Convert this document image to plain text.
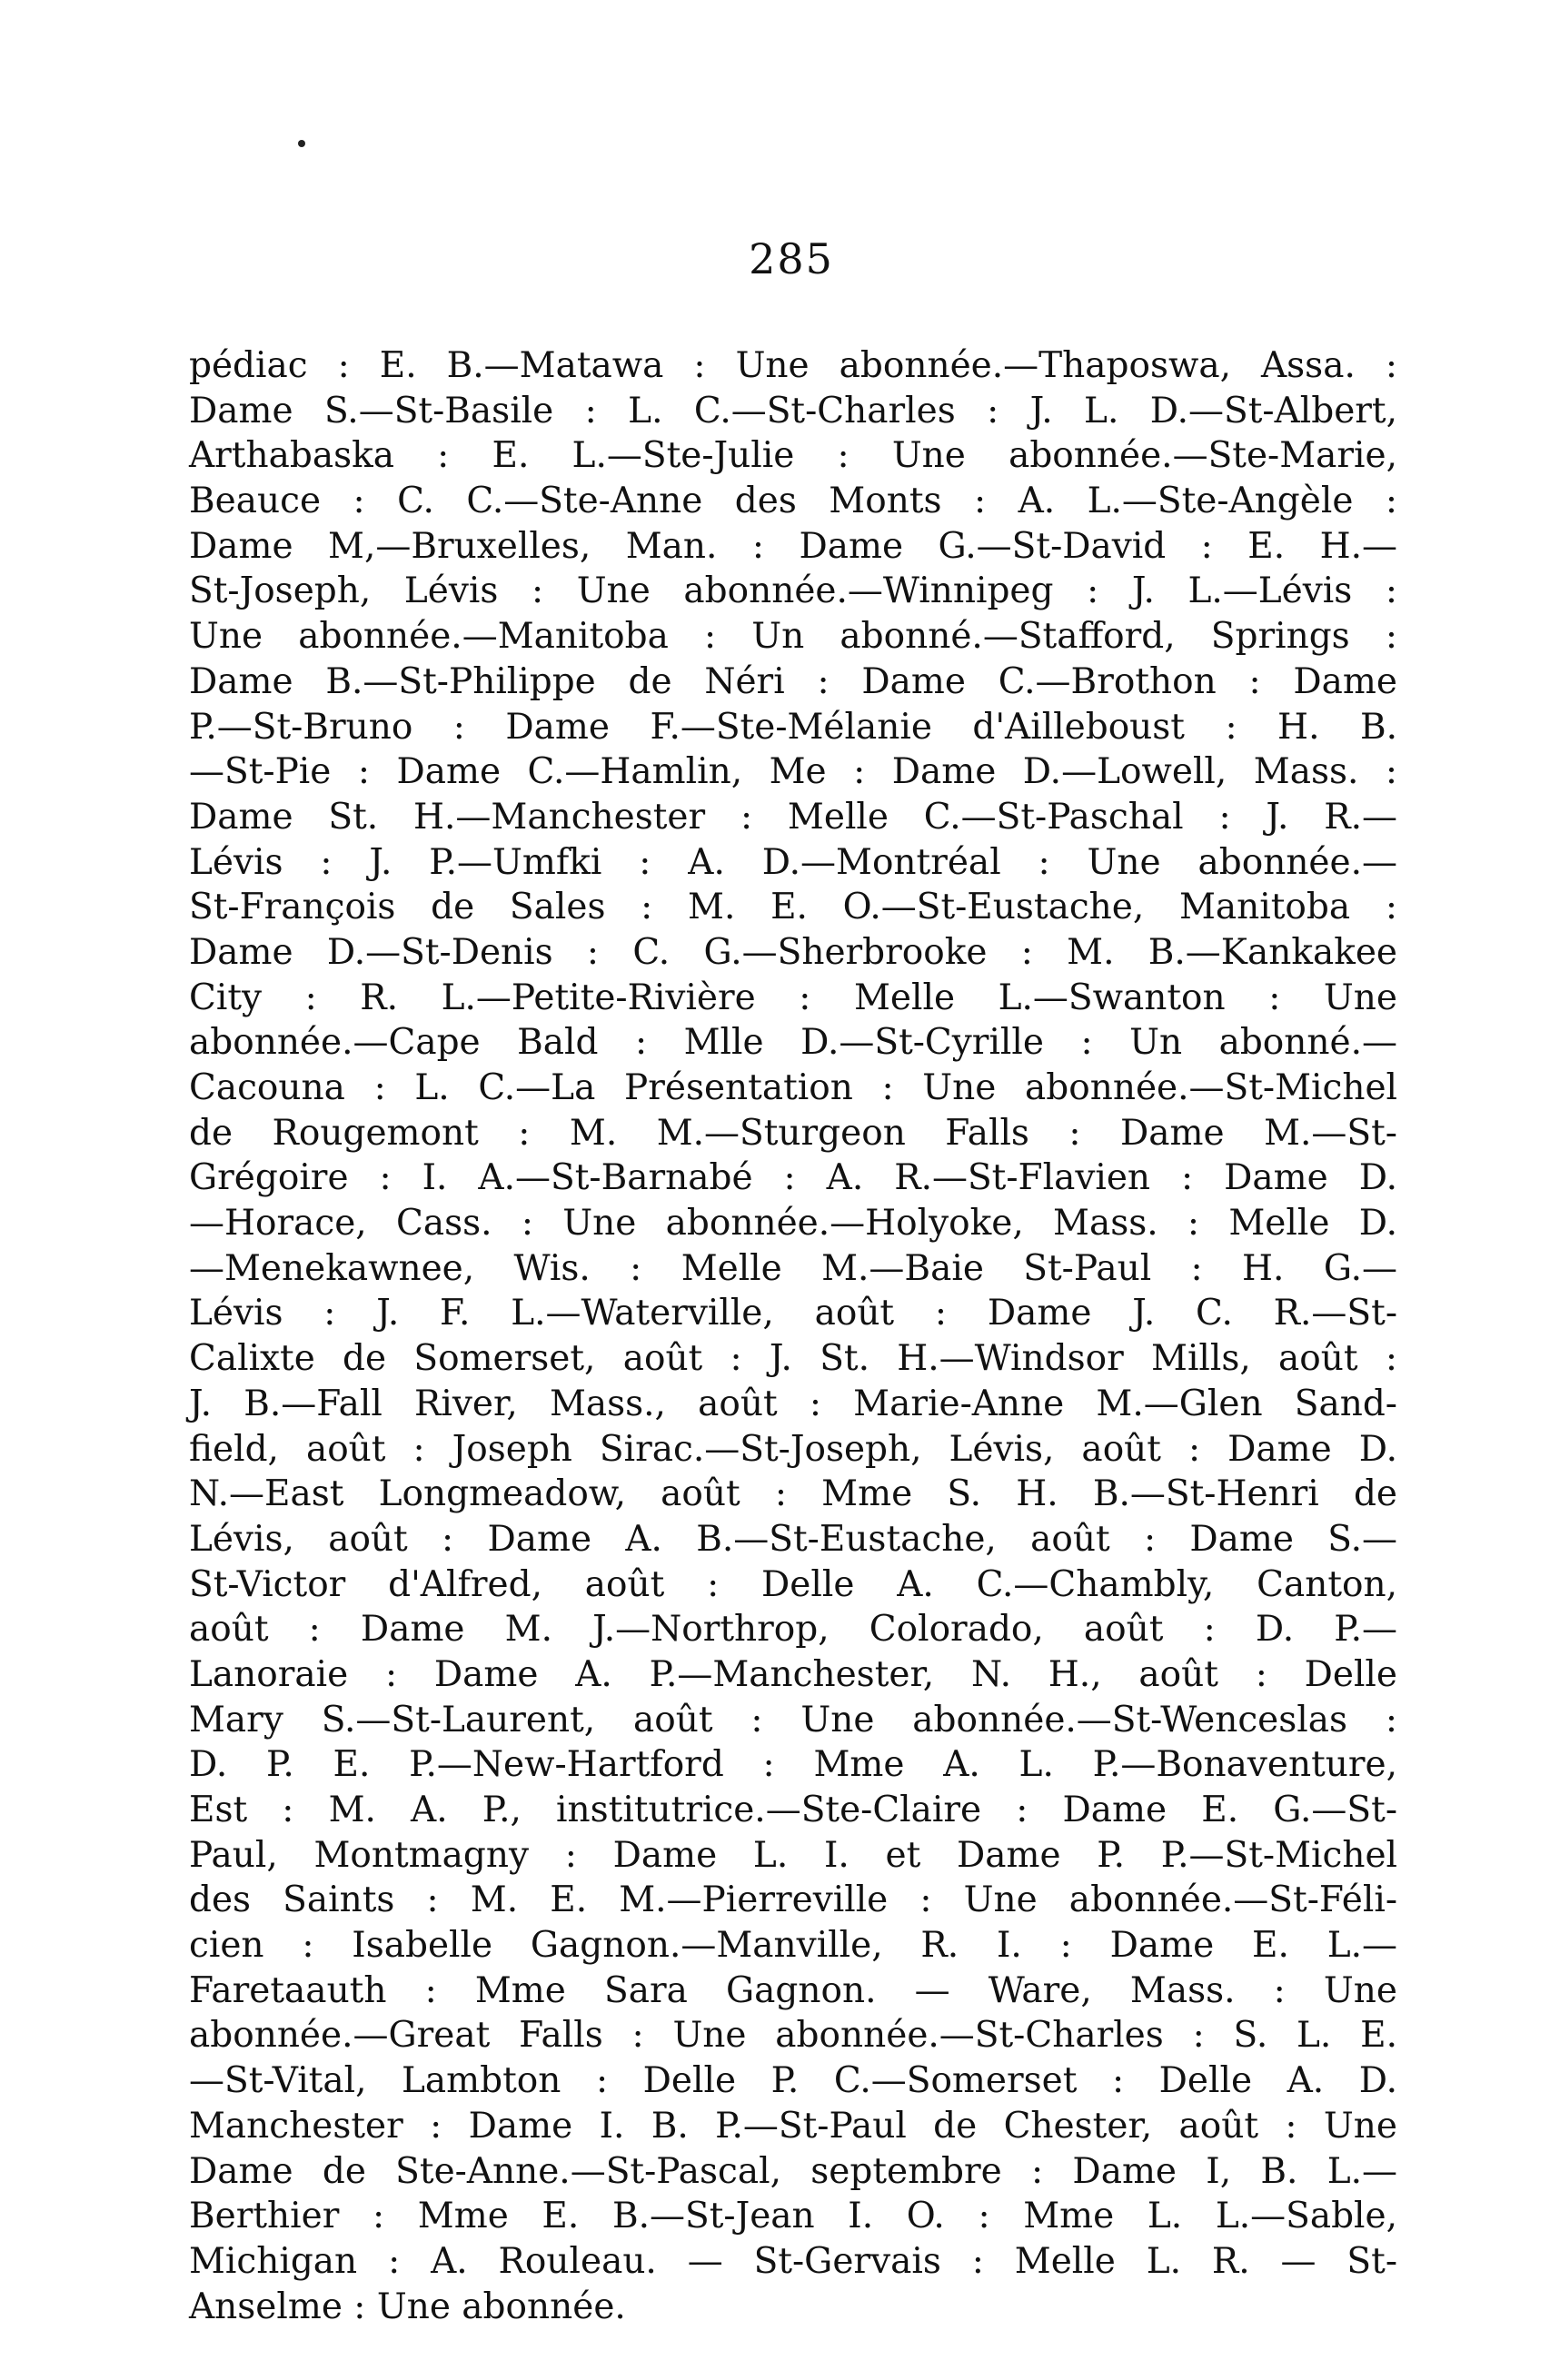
285
pédiac : E. B.—Matawa : Une abonnée.—Thaposwa, Assa. :
Dame S.—St-Basile : L. C.—St-Charles : J. L. D.—St-Albert,
Arthabaska : E. L.—Ste-Julie : Une abonnée.—Ste-Marie,
Beauce : C. C.—Ste-Anne des Monts : A. L.—Ste-Angèle :
Dame M,—Bruxelles, Man. : Dame G.—St-David : E. H.—
St-Joseph, Lévis : Une abonnée.—Winnipeg : J. L.—Lévis :
Une abonnée.—Manitoba : Un abonné.—Stafford, Springs :
Dame B.—St-Philippe de Néri : Dame C.—Brothon : Dame
P.—St-Bruno : Dame F.—Ste-Mélanie d'Ailleboust : H. B.
—St-Pie : Dame C.—Hamlin, Me : Dame D.—Lowell, Mass. :
Dame St. H.—Manchester : Melle C.—St-Paschal : J. R.—
Lévis : J. P.—Umfki : A. D.—Montréal : Une abonnée.—
St-François de Sales : M. E. O.—St-Eustache, Manitoba :
Dame D.—St-Denis : C. G.—Sherbrooke : M. B.—Kankakee
City : R. L.—Petite-Rivière : Melle L.—Swanton : Une
abonnée.—Cape Bald : Mlle D.—St-Cyrille : Un abonné.—
Cacouna : L. C.—La Présentation : Une abonnée.—St-Michel
de Rougemont : M. M.—Sturgeon Falls : Dame M.—St-
Grégoire : I. A.—St-Barnabé : A. R.—St-Flavien : Dame D.
—Horace, Cass. : Une abonnée.—Holyoke, Mass. : Melle D.
—Menekawnee, Wis. : Melle M.—Baie St-Paul : H. G.—
Lévis : J. F. L.—Waterville, août : Dame J. C. R.—St-
Calixte de Somerset, août : J. St. H.—Windsor Mills, août :
J. B.—Fall River, Mass., août : Marie-Anne M.—Glen Sand-
field, août : Joseph Sirac.—St-Joseph, Lévis, août : Dame D.
N.—East Longmeadow, août : Mme S. H. B.—St-Henri de
Lévis, août : Dame A. B.—St-Eustache, août : Dame S.—
St-Victor d'Alfred, août : Delle A. C.—Chambly, Canton,
août : Dame M. J.—Northrop, Colorado, août : D. P.—
Lanoraie : Dame A. P.—Manchester, N. H., août : Delle
Mary S.—St-Laurent, août : Une abonnée.—St-Wenceslas :
D. P. E. P.—New-Hartford : Mme A. L. P.—Bonaventure,
Est : M. A. P., institutrice.—Ste-Claire : Dame E. G.—St-
Paul, Montmagny : Dame L. I. et Dame P. P.—St-Michel
des Saints : M. E. M.—Pierreville : Une abonnée.—St-Féli-
cien : Isabelle Gagnon.—Manville, R. I. : Dame E. L.—
Faretaauth : Mme Sara Gagnon. — Ware, Mass. : Une
abonnée.—Great Falls : Une abonnée.—St-Charles : S. L. E.
—St-Vital, Lambton : Delle P. C.—Somerset : Delle A. D.
Manchester : Dame I. B. P.—St-Paul de Chester, août : Une
Dame de Ste-Anne.—St-Pascal, septembre : Dame I, B. L.—
Berthier : Mme E. B.—St-Jean I. O. : Mme L. L.—Sable,
Michigan : A. Rouleau. — St-Gervais : Melle L. R. — St-
Anselme : Une abonnée.
